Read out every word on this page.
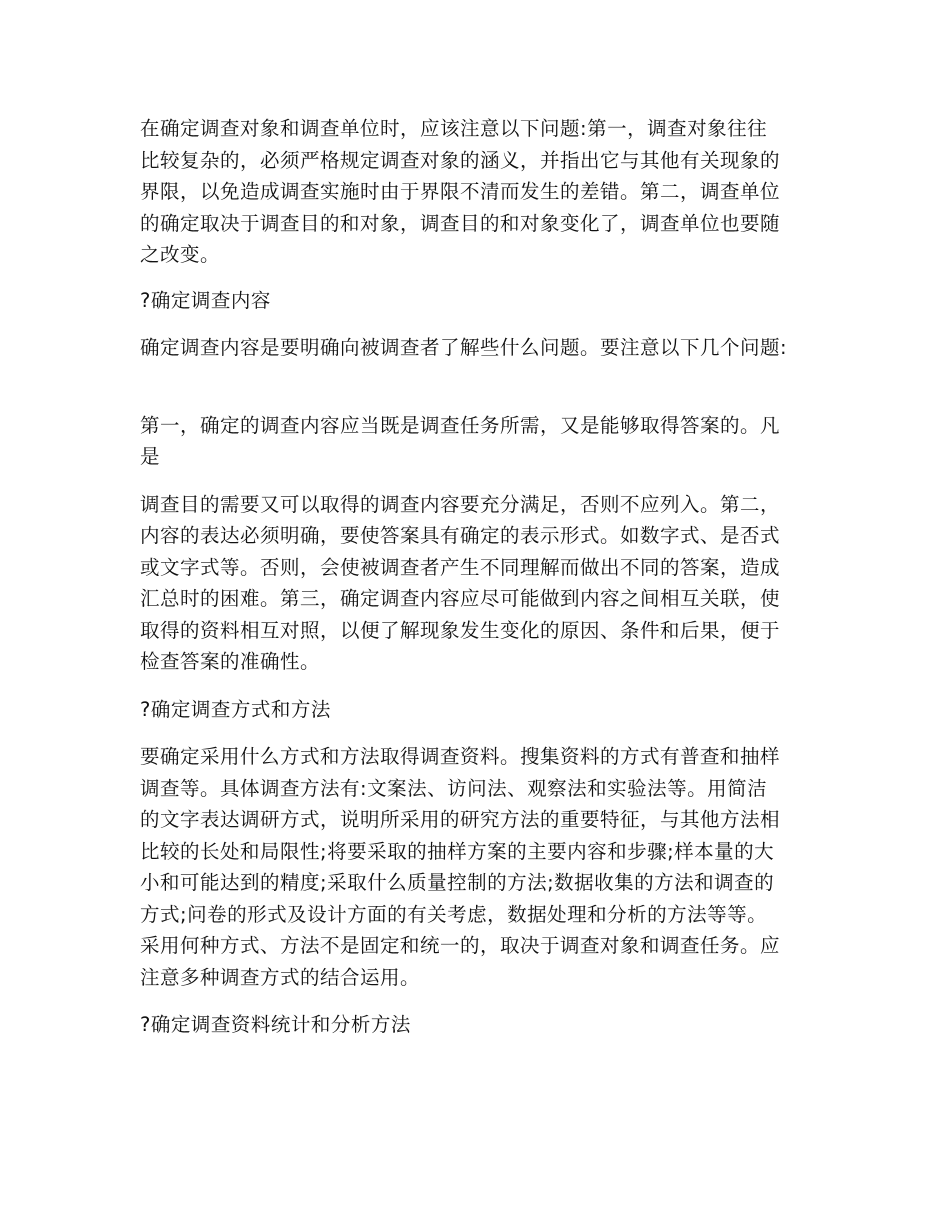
在确定调查对象和调查单位时，应该注意以下问题:第一，调查对象往往
比较复杂的，必须严格规定调查对象的涵义，并指出它与其他有关现象的
界限，以免造成调查实施时由于界限不清而发生的差错。第二，调查单位
的确定取决于调查目的和对象，调查目的和对象变化了，调查单位也要随
之改变。

?确定调查内容

确定调查内容是要明确向被调查者了解些什么问题。要注意以下几个问题:

第一，确定的调查内容应当既是调查任务所需，又是能够取得答案的。凡
是

调查目的需要又可以取得的调查内容要充分满足，否则不应列入。第二，
内容的表达必须明确，要使答案具有确定的表示形式。如数字式、是否式
或文字式等。否则，会使被调查者产生不同理解而做出不同的答案，造成
汇总时的困难。第三，确定调查内容应尽可能做到内容之间相互关联，使
取得的资料相互对照，以便了解现象发生变化的原因、条件和后果，便于
检查答案的准确性。

?确定调查方式和方法

要确定采用什么方式和方法取得调查资料。搜集资料的方式有普查和抽样
调查等。具体调查方法有:文案法、访问法、观察法和实验法等。用简洁
的文字表达调研方式，说明所采用的研究方法的重要特征，与其他方法相
比较的长处和局限性;将要采取的抽样方案的主要内容和步骤;样本量的大
小和可能达到的精度;采取什么质量控制的方法;数据收集的方法和调查的
方式;问卷的形式及设计方面的有关考虑，数据处理和分析的方法等等。
采用何种方式、方法不是固定和统一的，取决于调查对象和调查任务。应
注意多种调查方式的结合运用。

?确定调查资料统计和分析方法
